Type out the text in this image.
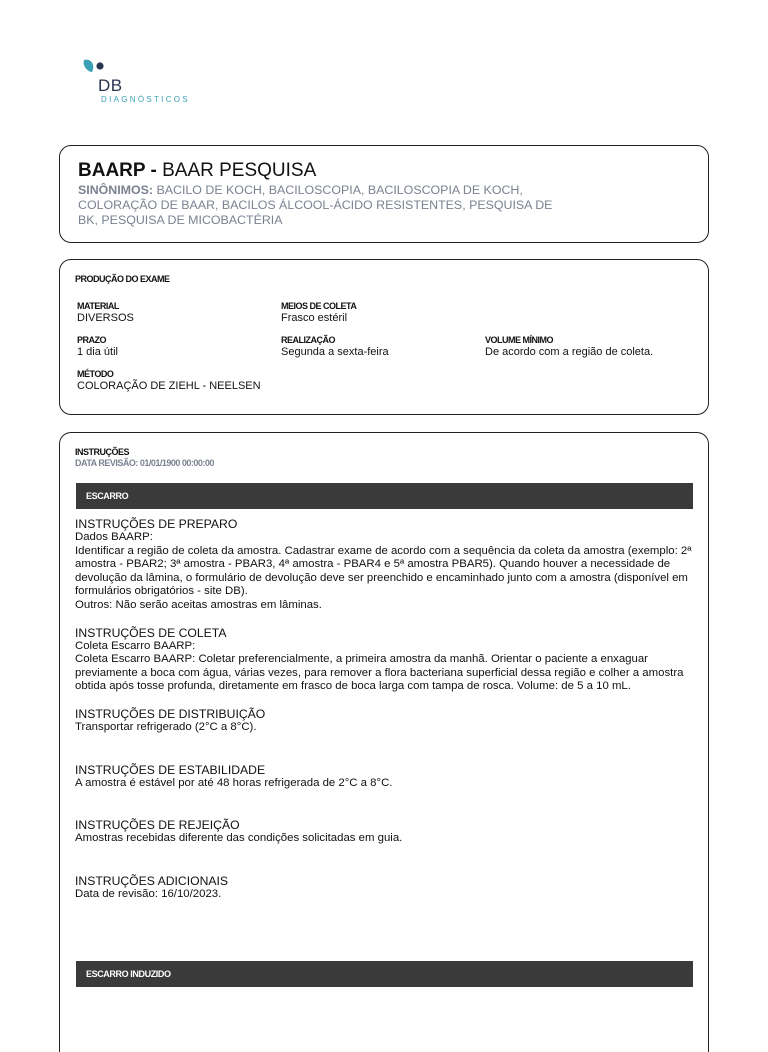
DB
DIAGNÓSTICOS
BAARP - BAAR PESQUISA
SINÔNIMOS: BACILO DE KOCH, BACILOSCOPIA, BACILOSCOPIA DE KOCH, COLORAÇÃO DE BAAR, BACILOS ÁLCOOL-ÁCIDO RESISTENTES, PESQUISA DE BK, PESQUISA DE MICOBACTÉRIA
PRODUÇÃO DO EXAME
MATERIAL
DIVERSOS
MEIOS DE COLETA
Frasco estéril
PRAZO
1 dia útil
REALIZAÇÃO
Segunda a sexta-feira
VOLUME MÍNIMO
De acordo com a região de coleta.
MÉTODO
COLORAÇÃO DE ZIEHL - NEELSEN
INSTRUÇÕES
DATA REVISÃO: 01/01/1900 00:00:00
ESCARRO
INSTRUÇÕES DE PREPARO
Dados BAARP:
Identificar a região de coleta da amostra. Cadastrar exame de acordo com a sequência da coleta da amostra (exemplo: 2ª amostra - PBAR2; 3ª amostra - PBAR3, 4ª amostra - PBAR4 e 5ª amostra PBAR5). Quando houver a necessidade de devolução da lâmina, o formulário de devolução deve ser preenchido e encaminhado junto com a amostra (disponível em formulários obrigatórios - site DB).
Outros: Não serão aceitas amostras em lâminas.
INSTRUÇÕES DE COLETA
Coleta Escarro BAARP:
Coleta Escarro BAARP: Coletar preferencialmente, a primeira amostra da manhã. Orientar o paciente a enxaguar previamente a boca com água, várias vezes, para remover a flora bacteriana superficial dessa região e colher a amostra obtida após tosse profunda, diretamente em frasco de boca larga com tampa de rosca. Volume: de 5 a 10 mL.
INSTRUÇÕES DE DISTRIBUIÇÃO
Transportar refrigerado (2°C a 8°C).
INSTRUÇÕES DE ESTABILIDADE
A amostra é estável por até 48 horas refrigerada de 2°C a 8°C.
INSTRUÇÕES DE REJEIÇÃO
Amostras recebidas diferente das condições solicitadas em guia.
INSTRUÇÕES ADICIONAIS
Data de revisão: 16/10/2023.
ESCARRO INDUZIDO
